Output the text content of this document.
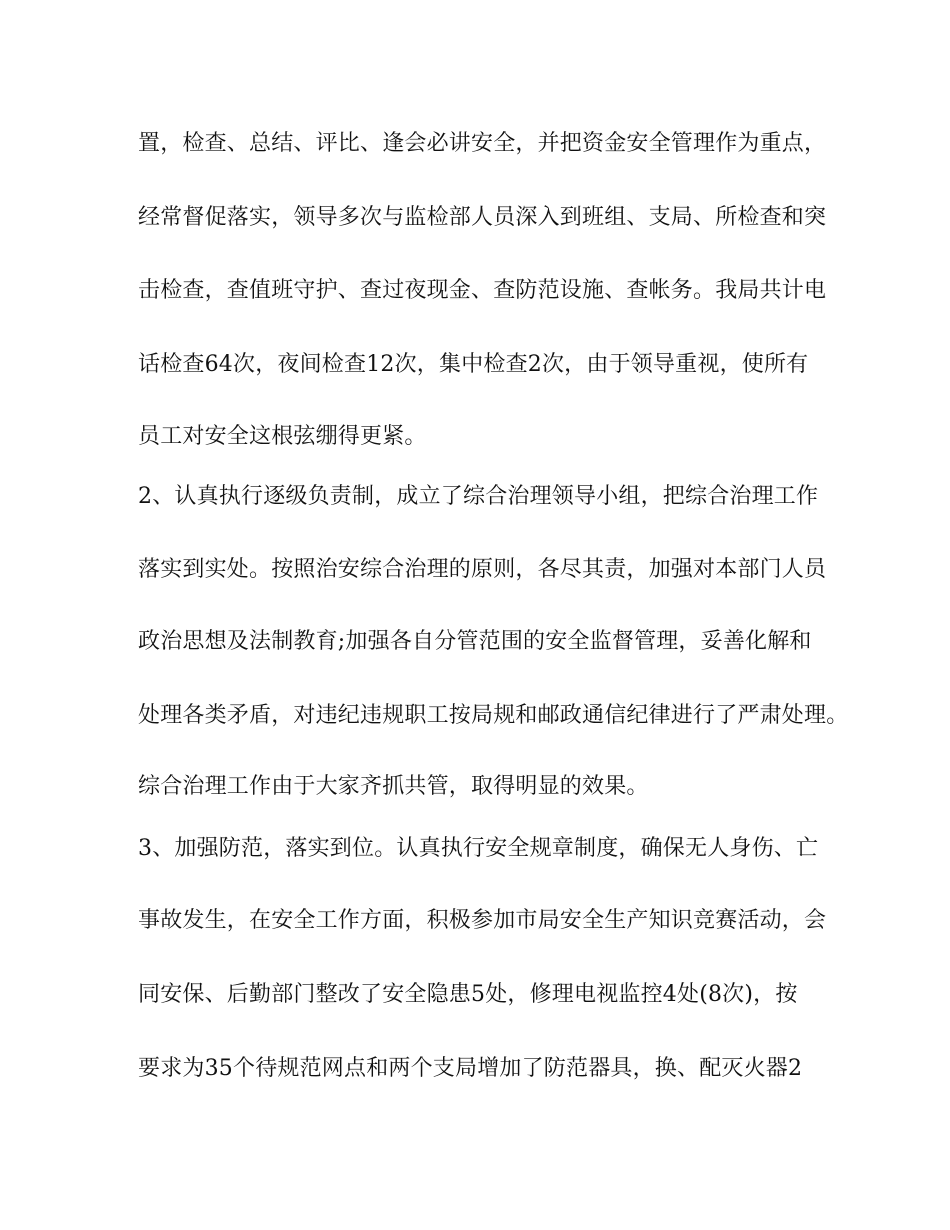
置，检查、总结、评比、逢会必讲安全，并把资金安全管理作为重点，

经常督促落实，领导多次与监检部人员深入到班组、支局、所检查和突

击检查，查值班守护、查过夜现金、查防范设施、查帐务。我局共计电

话检查64次，夜间检查12次，集中检查2次，由于领导重视，使所有

员工对安全这根弦绷得更紧。

2、认真执行逐级负责制，成立了综合治理领导小组，把综合治理工作

落实到实处。按照治安综合治理的原则，各尽其责，加强对本部门人员

政治思想及法制教育;加强各自分管范围的安全监督管理，妥善化解和

处理各类矛盾，对违纪违规职工按局规和邮政通信纪律进行了严肃处理。

综合治理工作由于大家齐抓共管，取得明显的效果。

3、加强防范，落实到位。认真执行安全规章制度，确保无人身伤、亡

事故发生，在安全工作方面，积极参加市局安全生产知识竞赛活动，会

同安保、后勤部门整改了安全隐患5处，修理电视监控4处(8次)，按

要求为35个待规范网点和两个支局增加了防范器具，换、配灭火器2
